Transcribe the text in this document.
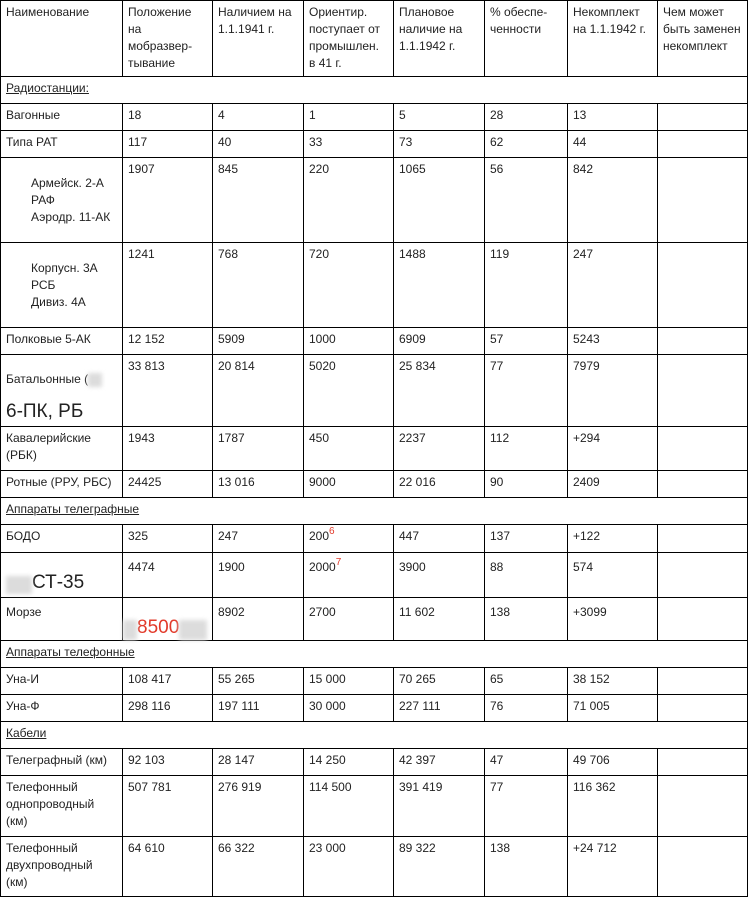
Наименование	Положение
на
мобразвер-
тывание	Наличием на
1.1.1941 г.	Ориентир.
поступает от
промышлен.
в 41 г.	Плановое
наличие на
1.1.1942 г.	% обеспе-
ченности	Некомплект
на 1.1.1942 г.	Чем может
быть заменен
некомплект
Радиостанции:							
Вагонные	18	4	1	5	28	13	
Типа РАТ	117	40	33	73	62	44	

Армейск. 2-А
РАФ
Аэродр. 11-АК	1907	845	220	1065	56	842	

Корпусн. 3А
РСБ
Дивиз. 4А	1241	768	720	1488	119	247	
Полковые 5-АК	12 152	5909	1000	6909	57	5243	

Батальонные (

6-ПК, РБ	33 813	20 814	5020	25 834	77	7979	
Кавалерийские
(РБК)	1943	1787	450	2237	112	+294	
Ротные (РРУ, РБС)	24425	13 016	9000	22 016	90	2409	
Аппараты телеграфные							
БОДО	325	247	200$^6$	447	137	+122	

СТ-35	4474	1900	2000$^7$	3900	88	574	
Морзе	8500	8902	2700	11 602	138	+3099	
Аппараты телефонные							
Уна-И	108 417	55 265	15 000	70 265	65	38 152	
Уна-Ф	298 116	197 111	30 000	227 111	76	71 005	
Кабели							
Телеграфный (км)	92 103	28 147	14 250	42 397	47	49 706	
Телефонный
однопроводный
(км)	507 781	276 919	114 500	391 419	77	116 362	
Телефонный
двухпроводный
(км)	64 610	66 322	23 000	89 322	138	+24 712	
